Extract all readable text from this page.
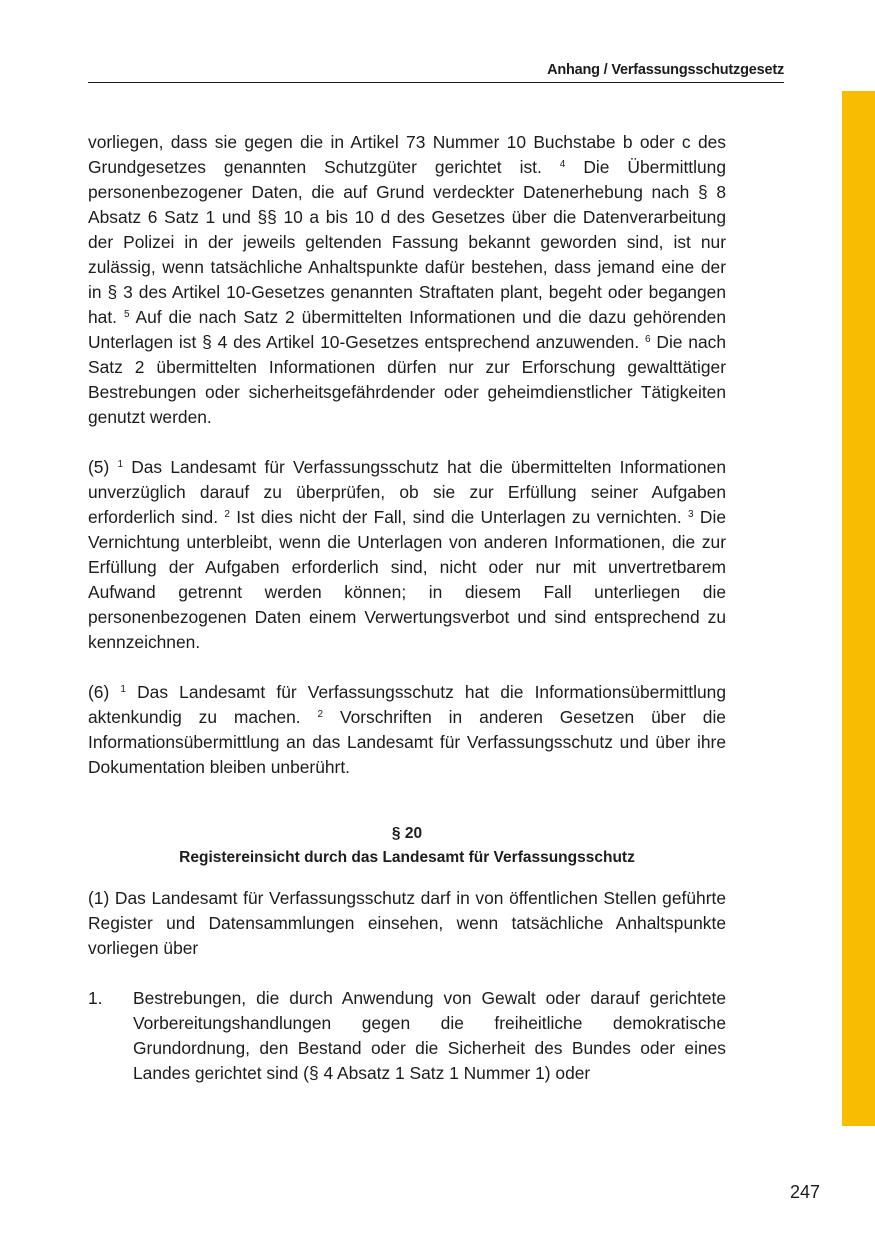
Anhang / Verfassungsschutzgesetz

vorliegen, dass sie gegen die in Artikel 73 Nummer 10 Buchstabe b oder c des Grundgesetzes genannten Schutzgüter gerichtet ist. $^4$ Die Übermittlung personenbezogener Daten, die auf Grund verdeckter Datenerhebung nach § 8 Absatz 6 Satz 1 und §§ 10 a bis 10 d des Gesetzes über die Datenverarbeitung der Polizei in der jeweils geltenden Fassung bekannt geworden sind, ist nur zulässig, wenn tatsächliche Anhaltspunkte dafür bestehen, dass jemand eine der in § 3 des Artikel 10-Gesetzes genannten Straftaten plant, begeht oder begangen hat. $^5$ Auf die nach Satz 2 übermittelten Informationen und die dazu gehörenden Unterlagen ist § 4 des Artikel 10-Gesetzes entsprechend anzuwenden. $^6$ Die nach Satz 2 übermittelten Informationen dürfen nur zur Erforschung gewalttätiger Bestrebungen oder sicherheitsgefährdender oder geheimdienstlicher Tätigkeiten genutzt werden.

(5) $^1$ Das Landesamt für Verfassungsschutz hat die übermittelten Informationen unverzüglich darauf zu überprüfen, ob sie zur Erfüllung seiner Aufgaben erforderlich sind. $^2$ Ist dies nicht der Fall, sind die Unterlagen zu vernichten. $^3$ Die Vernichtung unterbleibt, wenn die Unterlagen von anderen Informationen, die zur Erfüllung der Aufgaben erforderlich sind, nicht oder nur mit unvertretbarem Aufwand getrennt werden können; in diesem Fall unterliegen die personenbezogenen Daten einem Verwertungsverbot und sind entsprechend zu kennzeichnen.

(6) $^1$ Das Landesamt für Verfassungsschutz hat die Informationsübermittlung aktenkundig zu machen. $^2$ Vorschriften in anderen Gesetzen über die Informationsübermittlung an das Landesamt für Verfassungsschutz und über ihre Dokumentation bleiben unberührt.

§ 20
Registereinsicht durch das Landesamt für Verfassungsschutz

(1) Das Landesamt für Verfassungsschutz darf in von öffentlichen Stellen geführte Register und Datensammlungen einsehen, wenn tatsächliche Anhaltspunkte vorliegen über

1.	Bestrebungen, die durch Anwendung von Gewalt oder darauf gerichtete Vorbereitungshandlungen gegen die freiheitliche demokratische Grundordnung, den Bestand oder die Sicherheit des Bundes oder eines Landes gerichtet sind (§ 4 Absatz 1 Satz 1 Nummer 1) oder
247
